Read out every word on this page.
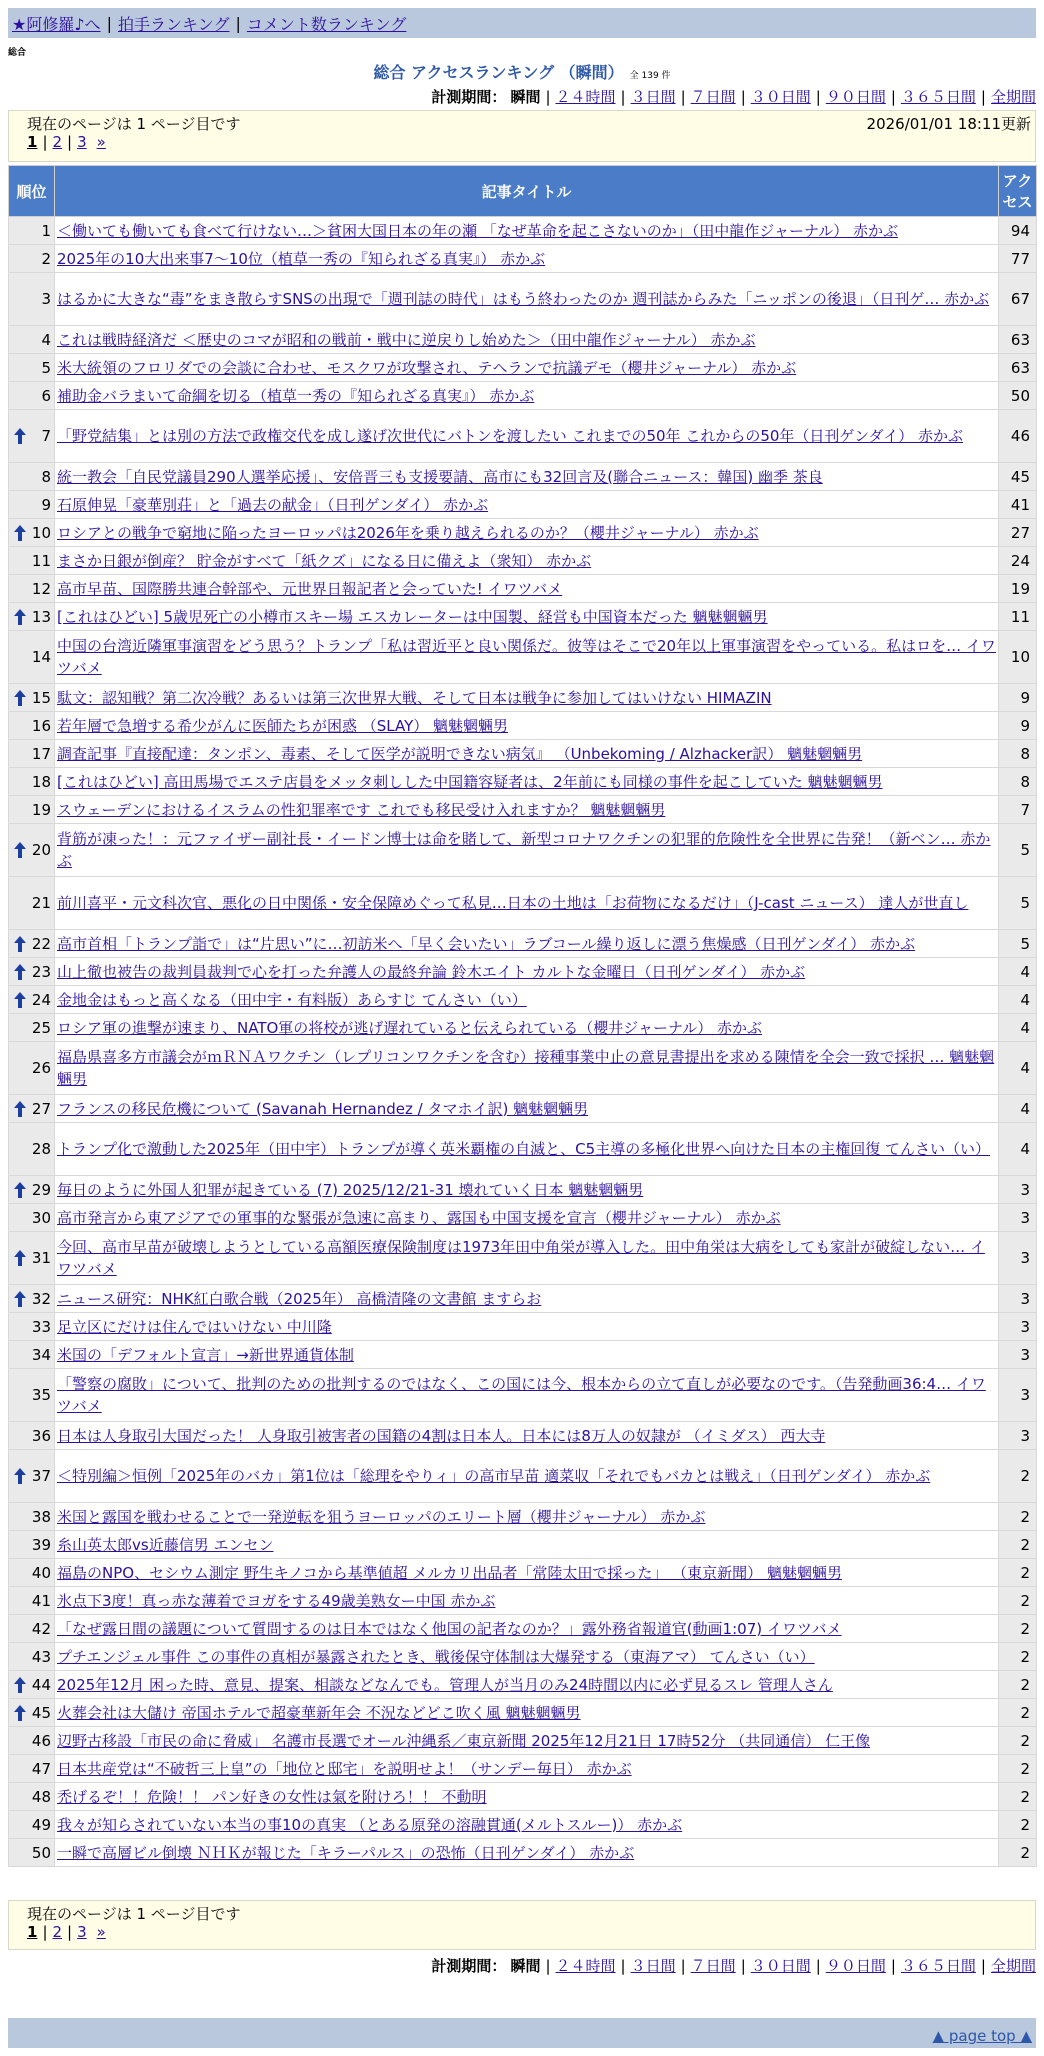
★阿修羅♪へ | 拍手ランキング | コメント数ランキング
総合
総合 アクセスランキング （瞬間） 全 139 件
計測期間： 瞬間 | ２４時間 | ３日間 | ７日間 | ３０日間 | ９０日間 | ３６５日間 | 全期間
現在のページは 1 ページ目です	2026/01/01 18:11更新
1 | 2 | 3 »
順位	記事タイトル	アクセス
1	＜働いても働いても食べて行けない…＞貧困大国日本の年の瀬 「なぜ革命を起こさないのか」（田中龍作ジャーナル） 赤かぶ	94
2	2025年の10大出来事7～10位（植草一秀の『知られざる真実』） 赤かぶ	77
3	はるかに大きな“毒”をまき散らすSNSの出現で「週刊誌の時代」はもう終わったのか 週刊誌からみた「ニッポンの後退」（日刊ゲ… 赤かぶ	67
4	これは戦時経済だ ＜歴史のコマが昭和の戦前・戦中に逆戻りし始めた＞（田中龍作ジャーナル） 赤かぶ	63
5	米大統領のフロリダでの会談に合わせ、モスクワが攻撃され、テヘランで抗議デモ（櫻井ジャーナル） 赤かぶ	63
6	補助金バラまいて命綱を切る（植草一秀の『知られざる真実』） 赤かぶ	50

7	「野党結集」とは別の方法で政権交代を成し遂げ次世代にバトンを渡したい これまでの50年 これからの50年（日刊ゲンダイ） 赤かぶ	46
8	統一教会「自民党議員290人選挙応援」、安倍晋三も支援要請、高市にも32回言及(聯合ニュース：韓国) 幽季 茶良	45
9	石原伸晃「豪華別荘」と「過去の献金」（日刊ゲンダイ） 赤かぶ	41

10	ロシアとの戦争で窮地に陥ったヨーロッパは2026年を乗り越えられるのか？（櫻井ジャーナル） 赤かぶ	27
11	まさか日銀が倒産？ 貯金がすべて「紙クズ」になる日に備えよ（衆知） 赤かぶ	24
12	高市早苗、国際勝共連合幹部や、元世界日報記者と会っていた! イワツバメ	19

13	[これはひどい] 5歳児死亡の小樽市スキー場 エスカレーターは中国製、経営も中国資本だった 魑魅魍魎男	11
14	中国の台湾近隣軍事演習をどう思う？トランプ「私は習近平と良い関係だ。彼等はそこで20年以上軍事演習をやっている。私はロを… イワツバメ	10

15	駄文：認知戦？第二次冷戦？あるいは第三次世界大戦、そして日本は戦争に参加してはいけない HIMAZIN	9
16	若年層で急増する希少がんに医師たちが困惑 （SLAY） 魑魅魍魎男	9
17	調査記事『直接配達：タンポン、毒素、そして医学が説明できない病気』 （Unbekoming / Alzhacker訳） 魑魅魍魎男	8
18	[これはひどい] 高田馬場でエステ店員をメッタ刺しした中国籍容疑者は、2年前にも同様の事件を起こしていた 魑魅魍魎男	8
19	スウェーデンにおけるイスラムの性犯罪率です これでも移民受け入れますか？ 魑魅魍魎男	7

20	背筋が凍った！：元ファイザー副社長・イードン博士は命を賭して、新型コロナワクチンの犯罪的危険性を全世界に告発！（新ベン… 赤かぶ	5
21	前川喜平・元文科次官、悪化の日中関係・安全保障めぐって私見…日本の土地は「お荷物になるだけ」（J-cast ニュース） 達人が世直し	5

22	高市首相「トランプ詣で」は“片思い”に…初訪米へ「早く会いたい」ラブコール繰り返しに漂う焦燥感（日刊ゲンダイ） 赤かぶ	5

23	山上徹也被告の裁判員裁判で心を打った弁護人の最終弁論 鈴木エイト カルトな金曜日（日刊ゲンダイ） 赤かぶ	4

24	金地金はもっと高くなる（田中宇・有料版）あらすじ てんさい（い）	4
25	ロシア軍の進撃が速まり、NATO軍の将校が逃げ遅れていると伝えられている（櫻井ジャーナル） 赤かぶ	4
26	福島県喜多方市議会がｍＲＮＡワクチン（レプリコンワクチンを含む）接種事業中止の意見書提出を求める陳情を全会一致で採択 … 魑魅魍魎男	4

27	フランスの移民危機について (Savanah Hernandez / タマホイ訳) 魑魅魍魎男	4
28	トランプ化で激動した2025年（田中宇）トランプが導く英米覇権の自滅と、C5主導の多極化世界へ向けた日本の主権回復 てんさい（い）	4

29	毎日のように外国人犯罪が起きている (7) 2025/12/21-31 壊れていく日本 魑魅魍魎男	3
30	高市発言から東アジアでの軍事的な緊張が急速に高まり、露国も中国支援を宣言（櫻井ジャーナル） 赤かぶ	3

31	今回、高市早苗が破壊しようとしている高額医療保険制度は1973年田中角栄が導入した。田中角栄は大病をしても家計が破綻しない… イワツバメ	3

32	ニュース研究：NHK紅白歌合戦（2025年） 高橋清隆の文書館 ますらお	3
33	足立区にだけは住んではいけない 中川隆	3
34	米国の「デフォルト宣言」→新世界通貨体制	3
35	「警察の腐敗」について、批判のための批判するのではなく、この国には今、根本からの立て直しが必要なのです。（告発動画36:4… イワツバメ	3
36	日本は人身取引大国だった！ 人身取引被害者の国籍の4割は日本人。日本には8万人の奴隷が （イミダス） 西大寺	3

37	＜特別編＞恒例「2025年のバカ」第1位は「総理をやりィ」の高市早苗 適菜収「それでもバカとは戦え」（日刊ゲンダイ） 赤かぶ	2
38	米国と露国を戦わせることで一発逆転を狙うヨーロッパのエリート層（櫻井ジャーナル） 赤かぶ	2
39	糸山英太郎vs近藤信男 エンセン	2
40	福島のNPO、セシウム測定 野生キノコから基準値超 メルカリ出品者「常陸太田で採った」 （東京新聞） 魑魅魍魎男	2
41	氷点下3度！真っ赤な薄着でヨガをする49歳美熟女ー中国 赤かぶ	2
42	「なぜ露日間の議題について質問するのは日本ではなく他国の記者なのか？」露外務省報道官(動画1:07) イワツバメ	2
43	プチエンジェル事件 この事件の真相が暴露されたとき、戦後保守体制は大爆発する（東海アマ） てんさい（い）	2

44	2025年12月 困った時、意見、提案、相談などなんでも。管理人が当月のみ24時間以内に必ず見るスレ 管理人さん	2

45	火葬会社は大儲け 帝国ホテルで超豪華新年会 不況などどこ吹く風 魑魅魍魎男	2
46	辺野古移設「市民の命に脅威」 名護市長選でオール沖縄系／東京新聞 2025年12月21日 17時52分 （共同通信） 仁王像	2
47	日本共産党は“不破哲三上皇”の「地位と邸宅」を説明せよ！（サンデー毎日） 赤かぶ	2
48	禿げるぞ！！危険！！ パン好きの女性は氣を附けろ！！ 不動明	2
49	我々が知らされていない本当の事10の真実 （とある原発の溶融貫通(メルトスルー)） 赤かぶ	2
50	一瞬で高層ビル倒壊 ＮＨＫが報じた「キラーパルス」の恐怖（日刊ゲンダイ） 赤かぶ	2
現在のページは 1 ページ目です
1 | 2 | 3 »
計測期間： 瞬間 | ２４時間 | ３日間 | ７日間 | ３０日間 | ９０日間 | ３６５日間 | 全期間
▲ page top ▲
